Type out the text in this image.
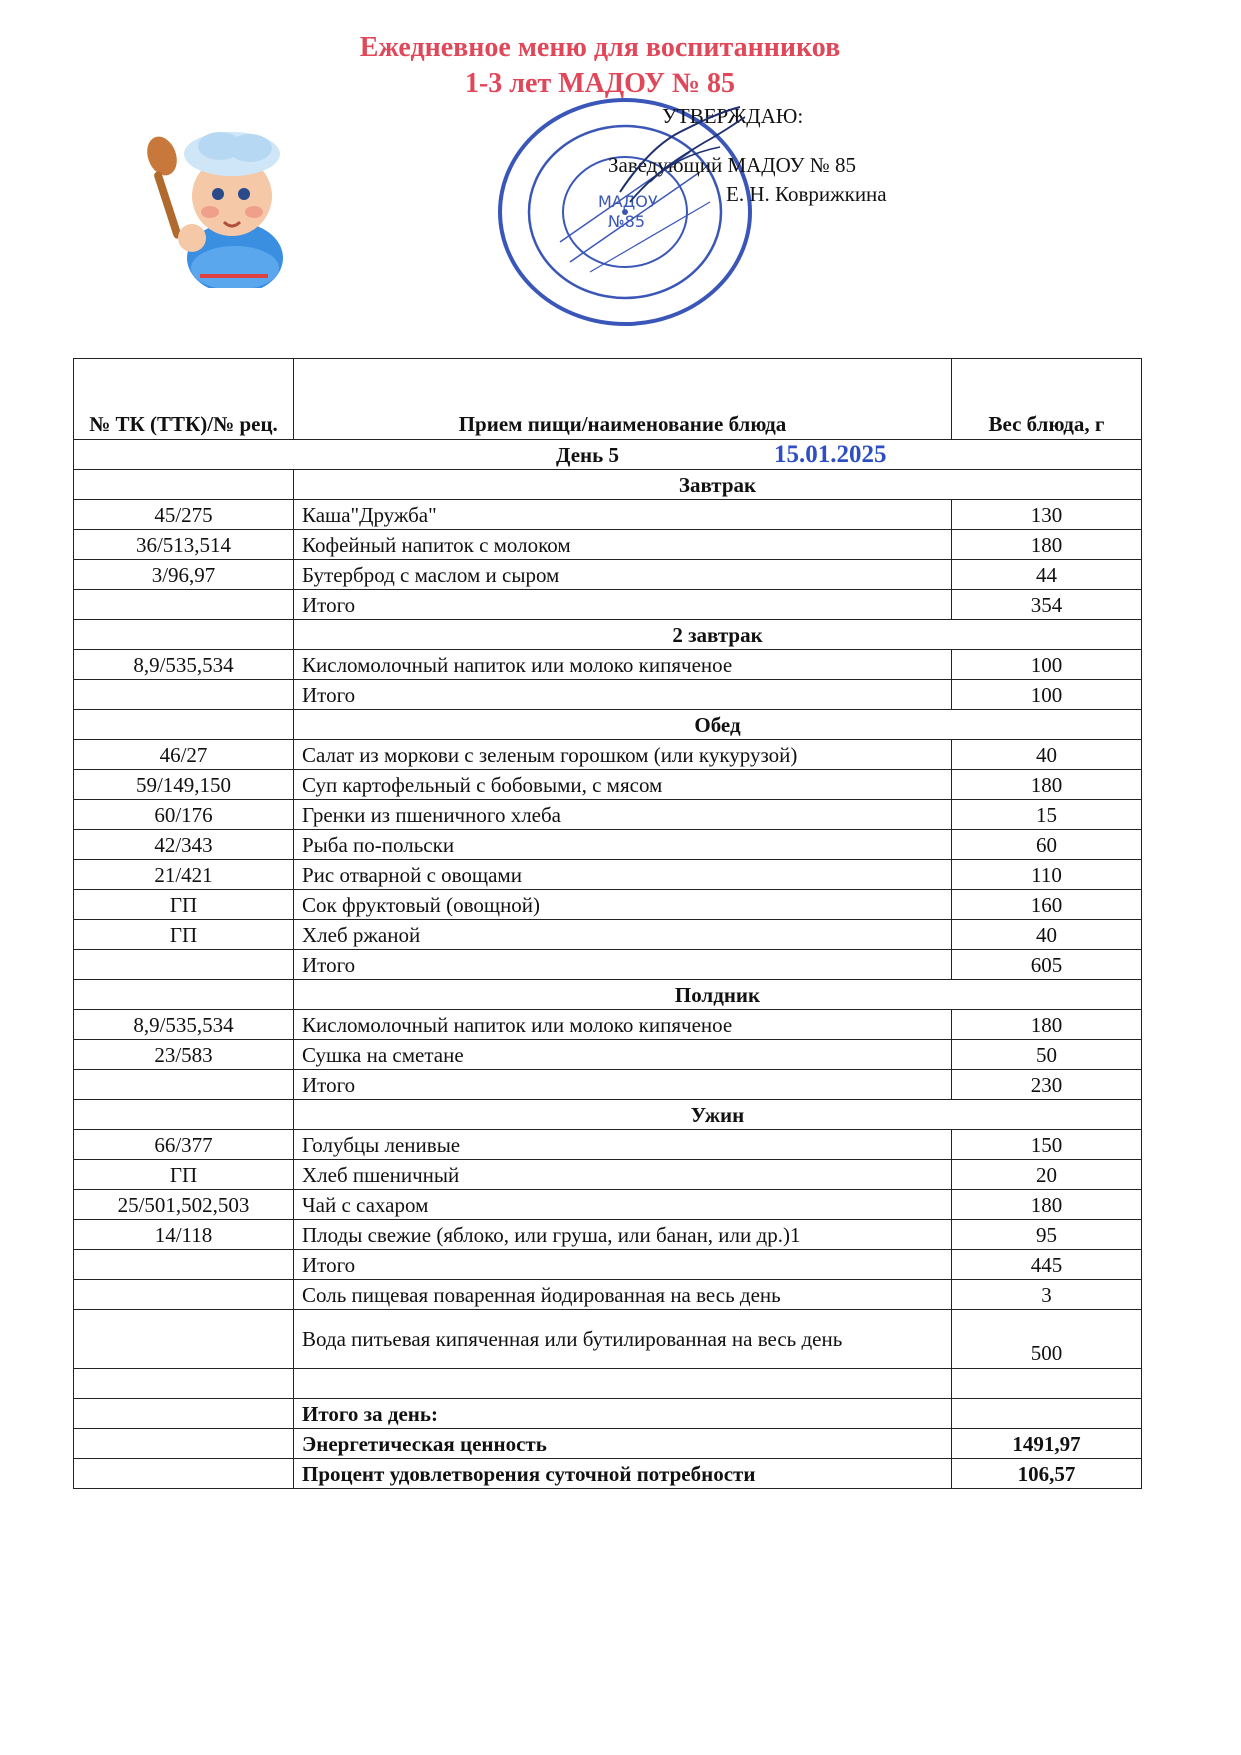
Ежедневное меню для воспитанников
1-3 лет МАДОУ № 85
МАДОУ
№85
УТВЕРЖДАЮ:
Заведующий МАДОУ № 85
Е. Н. Коврижкина
№ ТК (ТТК)/№ рец.	Прием пищи/наименование блюда	Вес блюда, г
День 5 15.01.2025		

	Завтрак	
45/275	Каша"Дружба"	130
36/513,514	Кофейный напиток с молоком	180
3/96,97	Бутерброд с маслом и сыром	44
	Итого	354
	2 завтрак	
8,9/535,534	Кисломолочный напиток или молоко кипяченое	100
	Итого	100
	Обед	
46/27	Салат из моркови с зеленым горошком (или кукурузой)	40
59/149,150	Суп картофельный с бобовыми, с мясом	180
60/176	Гренки из пшеничного хлеба	15
42/343	Рыба по-польски	60
21/421	Рис отварной с овощами	110
ГП	Сок фруктовый (овощной)	160
ГП	Хлеб ржаной	40
	Итого	605
	Полдник	
8,9/535,534	Кисломолочный напиток или молоко кипяченое	180
23/583	Сушка на сметане	50
	Итого	230
	Ужин	
66/377	Голубцы ленивые	150
ГП	Хлеб пшеничный	20
25/501,502,503	Чай с сахаром	180
14/118	Плоды свежие (яблоко, или груша, или банан, или др.)1	95
	Итого	445
	Соль пищевая поваренная йодированная на весь день	3
	Вода питьевая кипяченная или бутилированная на весь день	500

	Итого за день:	
	Энергетическая ценность	1491,97
	Процент удовлетворения суточной потребности	106,57
